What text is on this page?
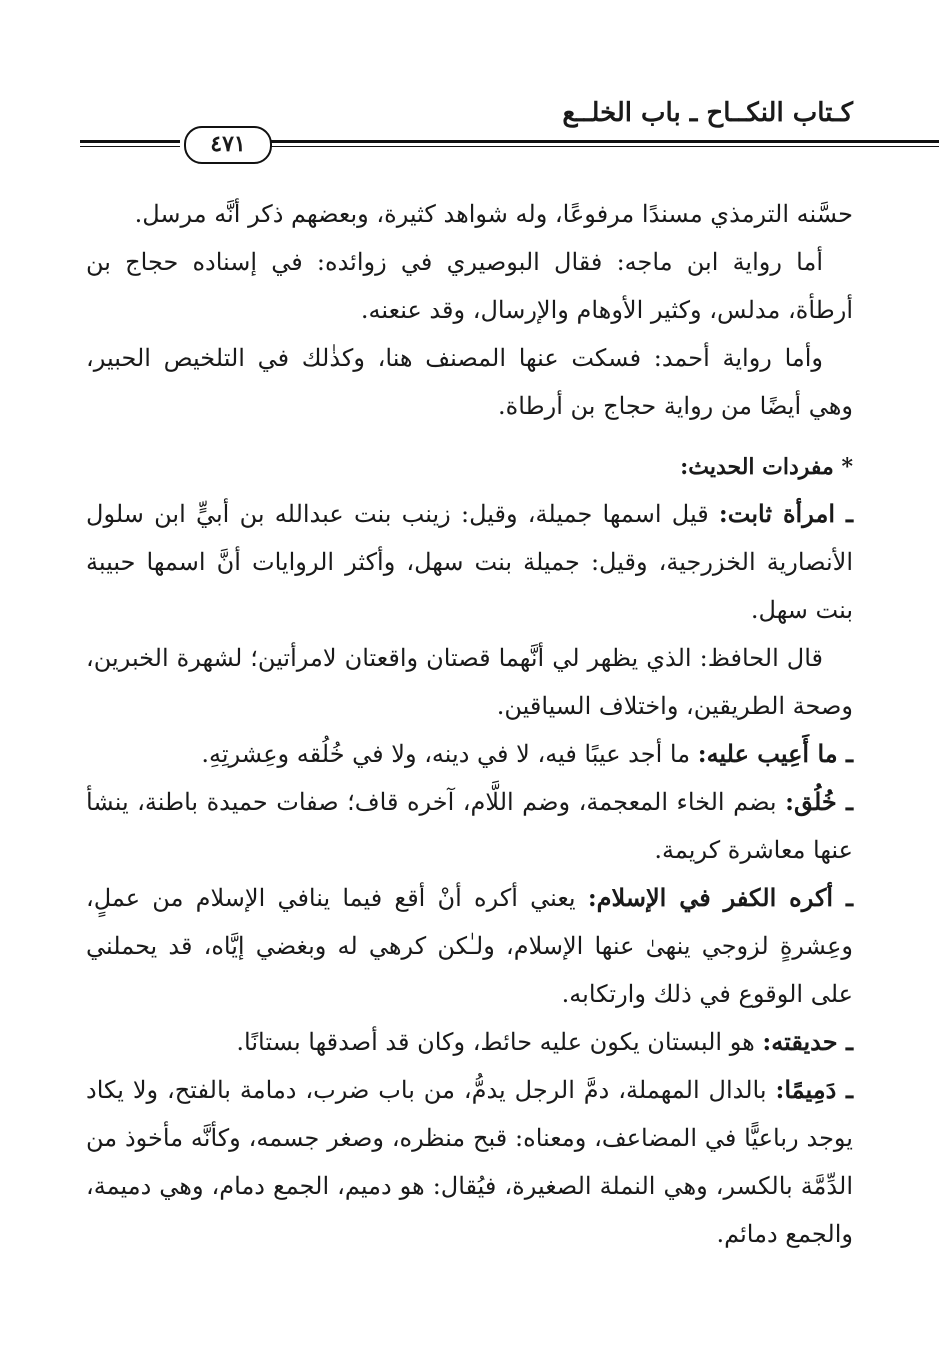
كـتاب النكــاح ـ باب الخلــع
٤٧١

حسَّنه الترمذي مسندًا مرفوعًا، وله شواهد كثيرة، وبعضهم ذكر أنَّه مرسل.

أما رواية ابن ماجه: فقال البوصيري في زوائده: في إسناده حجاج بن أرطأة، مدلس، وكثير الأوهام والإرسال، وقد عنعنه.

وأما رواية أحمد: فسكت عنها المصنف هنا، وكذٰلك في التلخيص الحبير، وهي أيضًا من رواية حجاج بن أرطاة.

* مفردات الحديث:

ـ امرأة ثابت: قيل اسمها جميلة، وقيل: زينب بنت عبدالله بن أبيٍّ ابن سلول الأنصارية الخزرجية، وقيل: جميلة بنت سهل، وأكثر الروايات أنَّ اسمها حبيبة بنت سهل.

قال الحافظ: الذي يظهر لي أنَّهما قصتان واقعتان لامرأتين؛ لشهرة الخبرين، وصحة الطريقين، واختلاف السياقين.

ـ ما أَعِيب عليه: ما أجد عيبًا فيه، لا في دينه، ولا في خُلُقه وعِشرتِهِ.

ـ خُلُق: بضم الخاء المعجمة، وضم اللَّام، آخره قاف؛ صفات حميدة باطنة، ينشأ عنها معاشرة كريمة.

ـ أكره الكفر في الإسلام: يعني أكره أنْ أقع فيما ينافي الإسلام من عملٍ، وعِشرةٍ لزوجي ينهىٰ عنها الإسلام، ولـٰكن كرهي له وبغضي إيَّاه، قد يحملني على الوقوع في ذلك وارتكابه.

ـ حديقته: هو البستان يكون عليه حائط، وكان قد أصدقها بستانًا.

ـ دَمِيمًا: بالدال المهملة، دمَّ الرجل يدمُّ، من باب ضرب، دمامة بالفتح، ولا يكاد يوجد رباعيًّا في المضاعف، ومعناه: قبح منظره، وصغر جسمه، وكأنَّه مأخوذ من الدِّمَّة بالكسر، وهي النملة الصغيرة، فيُقال: هو دميم، الجمع دمام، وهي دميمة، والجمع دمائم.
